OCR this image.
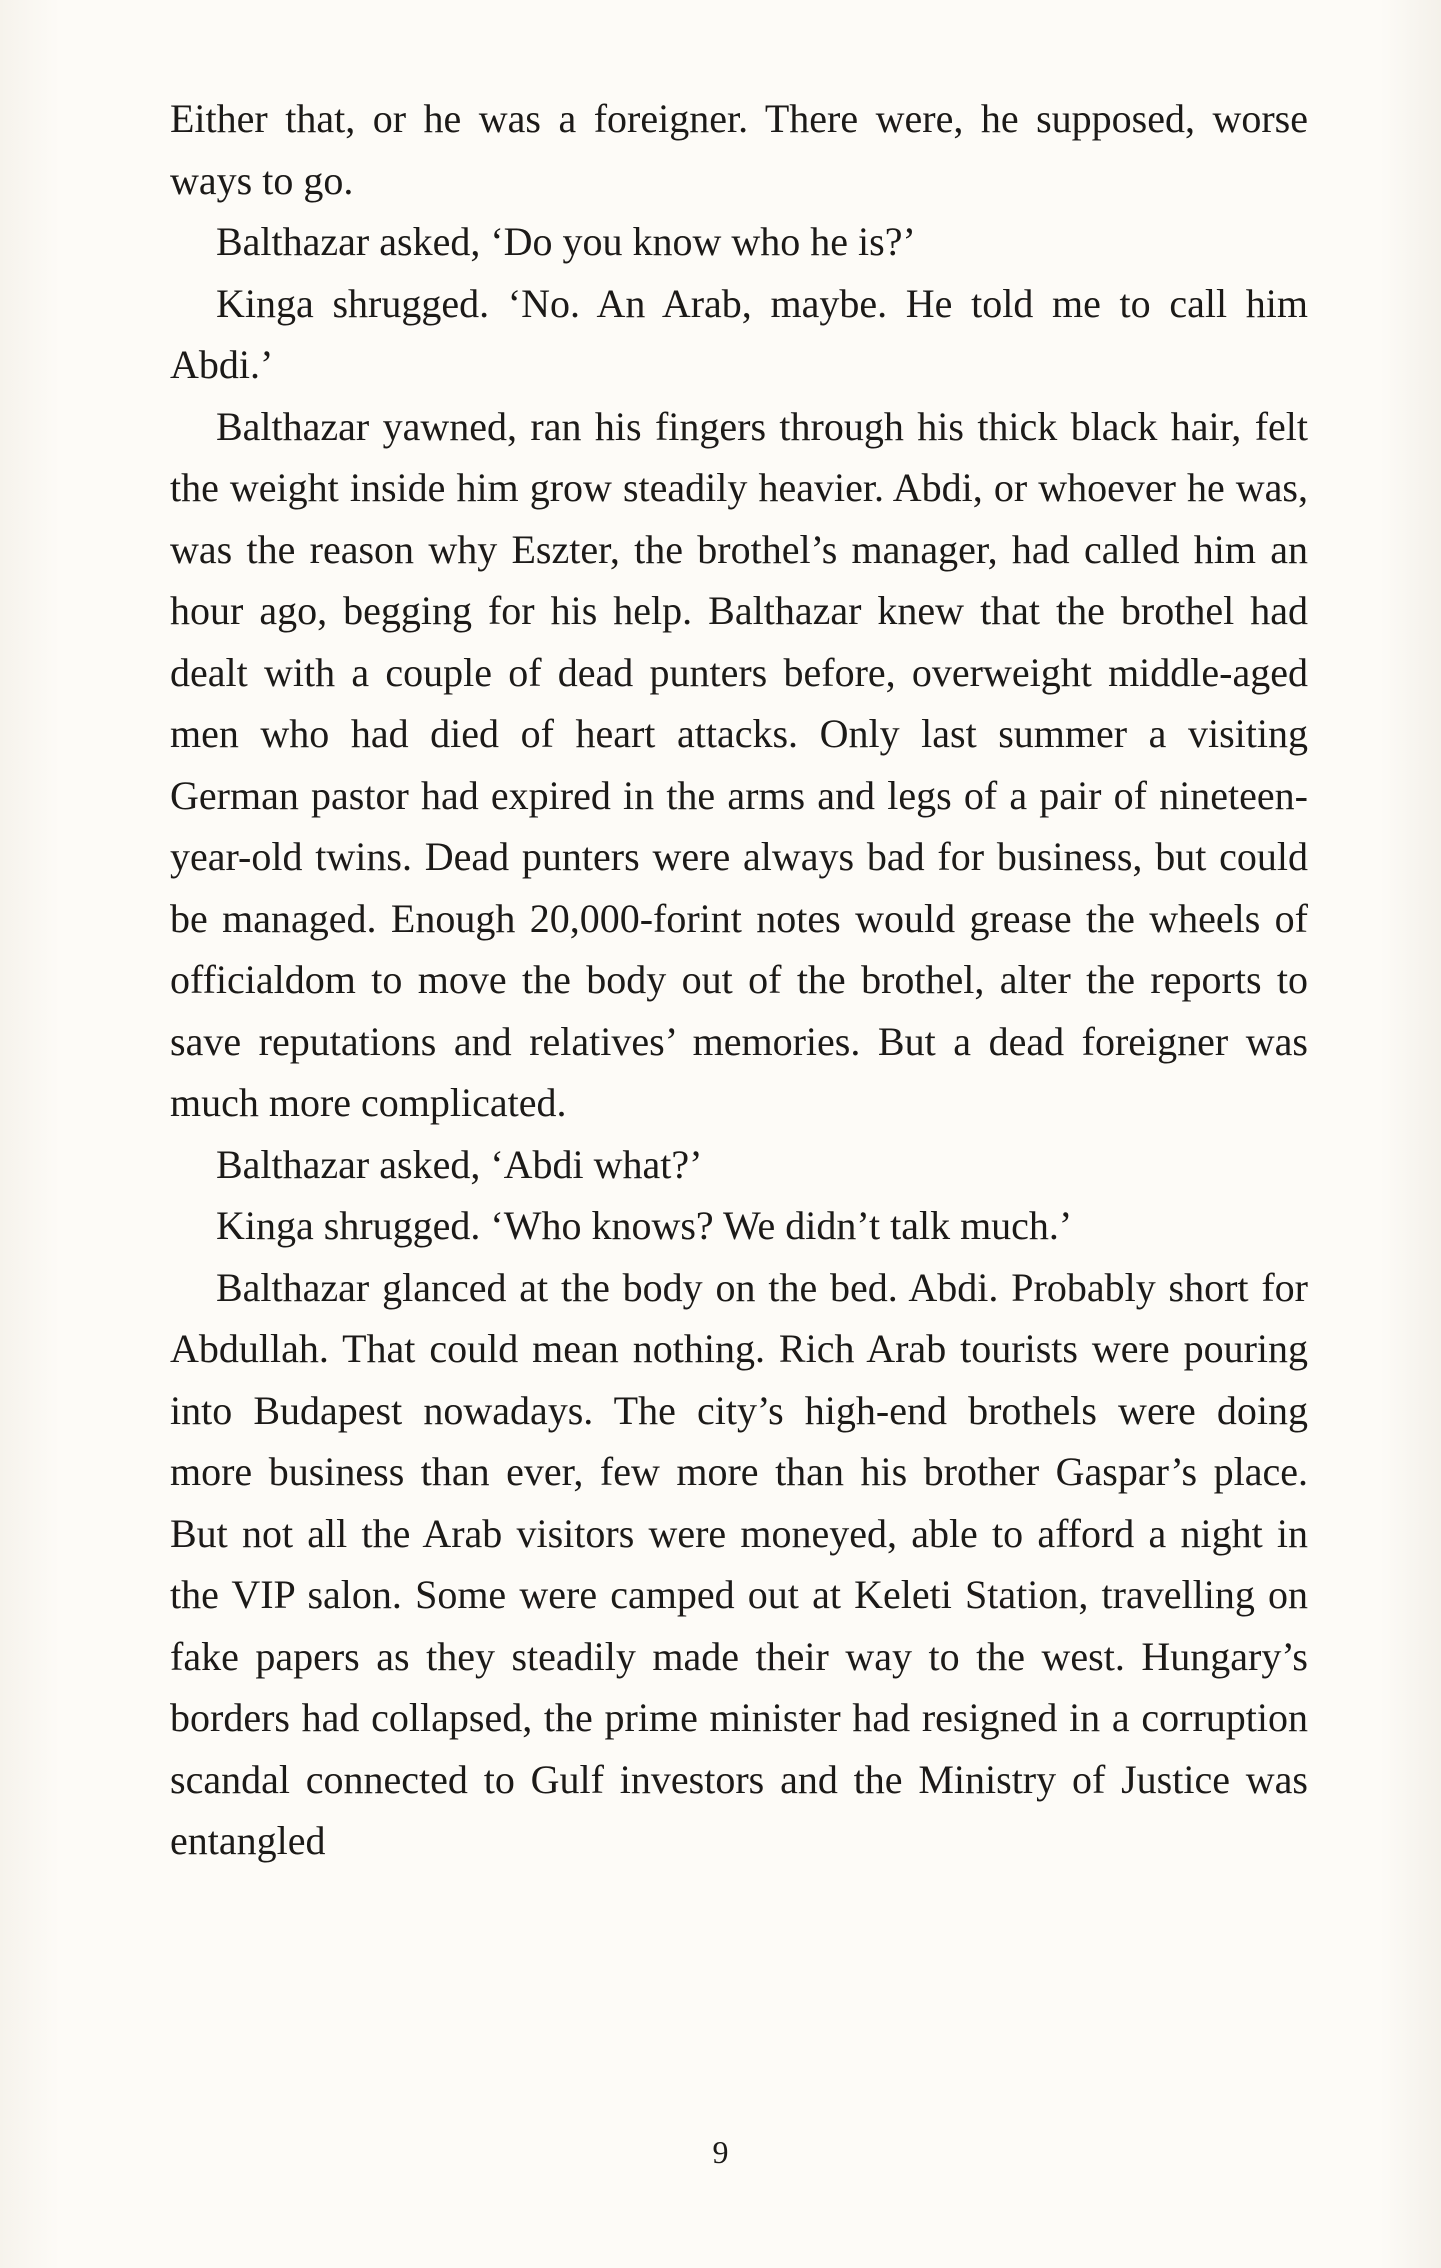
Either that, or he was a foreigner. There were, he supposed, worse ways to go.

Balthazar asked, ‘Do you know who he is?’

Kinga shrugged. ‘No. An Arab, maybe. He told me to call him Abdi.’

Balthazar yawned, ran his fingers through his thick black hair, felt the weight inside him grow steadily heavier. Abdi, or whoever he was, was the reason why Eszter, the brothel’s manager, had called him an hour ago, begging for his help. Balthazar knew that the brothel had dealt with a couple of dead punters before, overweight middle-aged men who had died of heart attacks. Only last summer a visiting German pastor had expired in the arms and legs of a pair of nineteen-year-old twins. Dead punters were always bad for business, but could be managed. Enough 20,000-forint notes would grease the wheels of officialdom to move the body out of the brothel, alter the reports to save reputations and relatives’ memories. But a dead foreigner was much more complicated.

Balthazar asked, ‘Abdi what?’

Kinga shrugged. ‘Who knows? We didn’t talk much.’

Balthazar glanced at the body on the bed. Abdi. Probably short for Abdullah. That could mean nothing. Rich Arab tourists were pouring into Budapest nowadays. The city’s high-end brothels were doing more business than ever, few more than his brother Gaspar’s place. But not all the Arab visitors were moneyed, able to afford a night in the VIP salon. Some were camped out at Keleti Station, travelling on fake papers as they steadily made their way to the west. Hungary’s borders had collapsed, the prime minister had resigned in a corruption scandal connected to Gulf investors and the Ministry of Justice was entangled

9
